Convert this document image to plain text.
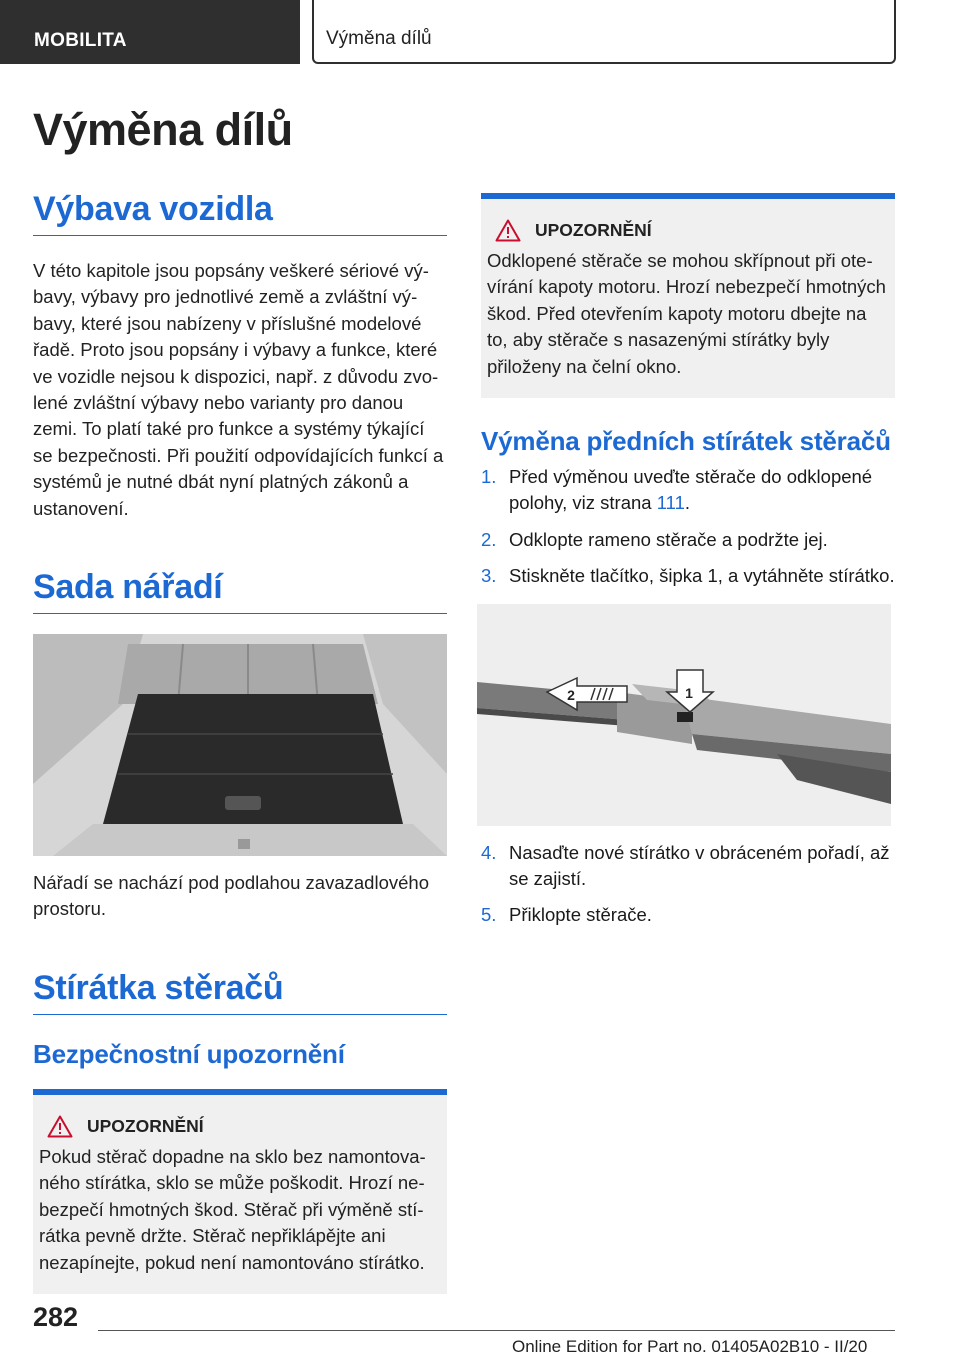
MOBILITA	Výměna dílů
Výměna dílů
Výbava vozidla

V této kapitole jsou popsány veškeré sériové výbavy, výbavy pro jednotlivé země a zvláštní výbavy, které jsou nabízeny v příslušné modelové řadě. Proto jsou popsány i výbavy a funkce, které ve vozidle nejsou k dispozici, např. z důvodu zvolené zvláštní výbavy nebo varianty pro danou zemi. To platí také pro funkce a systémy týkající se bezpečnosti. Při použití odpovídajících funkcí a systémů je nutné dbát nyní platných zákonů a ustanovení.

Sada nářadí

Nářadí se nachází pod podlahou zavazadlového prostoru.

Stírátka stěračů
Bezpečnostní upozornění
UPOZORNĚNÍ

Pokud stěrač dopadne na sklo bez namontovaného stírátka, sklo se může poškodit. Hrozí nebezpečí hmotných škod. Stěrač při výměně stírátka pevně držte. Stěrač nepřiklápějte ani nezapínejte, pokud není namontováno stírátko.

UPOZORNĚNÍ

Odklopené stěrače se mohou skřípnout při otevírání kapoty motoru. Hrozí nebezpečí hmotných škod. Před otevřením kapoty motoru dbejte na to, aby stěrače s nasazenými stírátky byly přiloženy na čelní okno.

Výměna předních stírátek stěračů
1. Před výměnou uveďte stěrače do odklopené polohy, viz strana 111.
2. Odklopte rameno stěrače a podržte jej.
3. Stiskněte tlačítko, šipka 1, a vytáhněte stírátko.
1
2
4. Nasaďte nové stírátko v obráceném pořadí, až se zajistí.
5. Přiklopte stěrače.
282
Online Edition for Part no. 01405A02B10 - II/20
